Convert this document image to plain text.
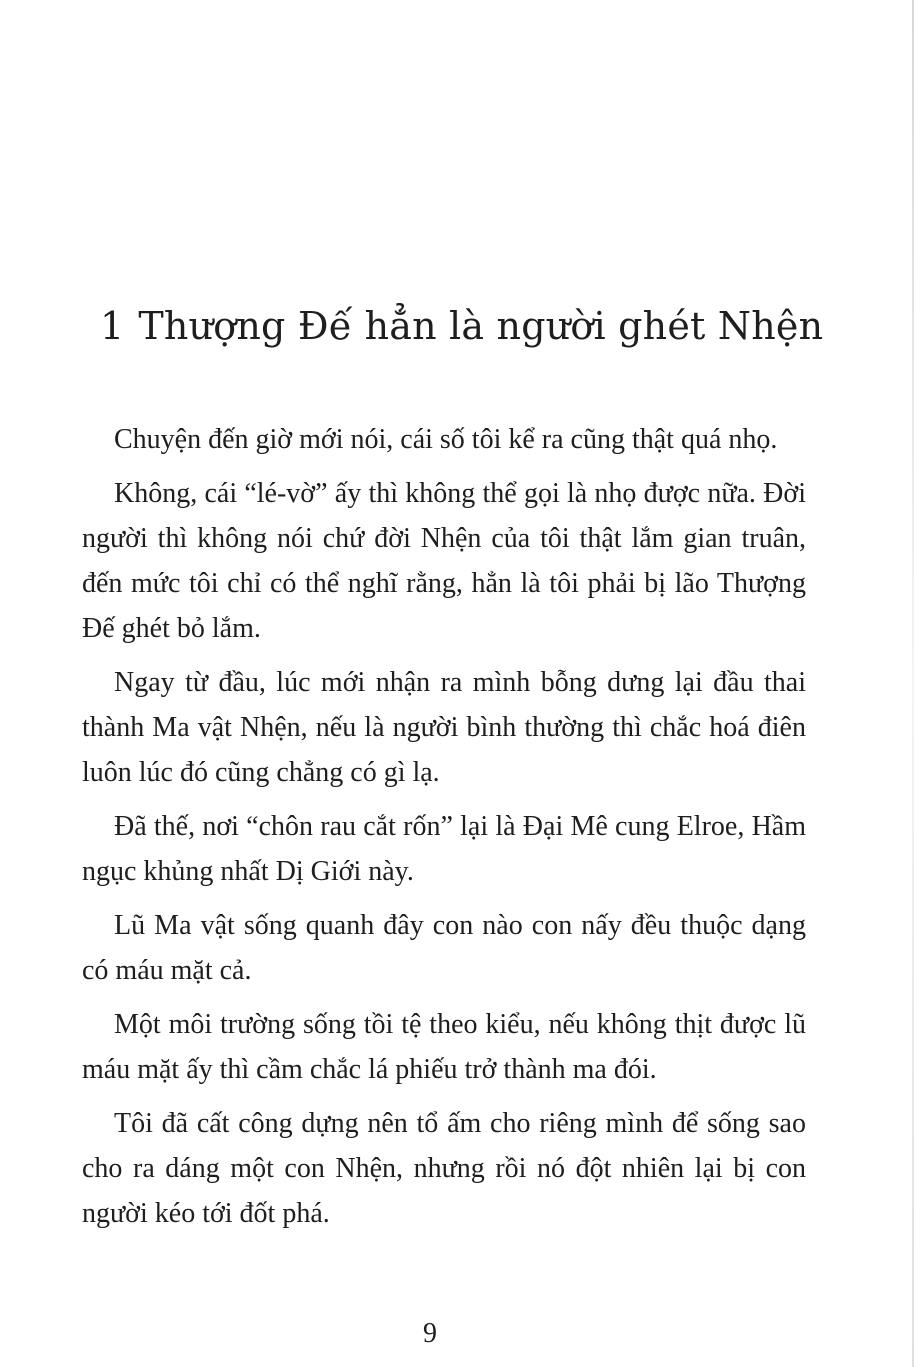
1 Thượng Đế hẳn là người ghét Nhện

Chuyện đến giờ mới nói, cái số tôi kể ra cũng thật quá nhọ.

Không, cái “lé-vờ” ấy thì không thể gọi là nhọ được nữa. Đời người thì không nói chứ đời Nhện của tôi thật lắm gian truân, đến mức tôi chỉ có thể nghĩ rằng, hẳn là tôi phải bị lão Thượng Đế ghét bỏ lắm.

Ngay từ đầu, lúc mới nhận ra mình bỗng dưng lại đầu thai thành Ma vật Nhện, nếu là người bình thường thì chắc hoá điên luôn lúc đó cũng chẳng có gì lạ.

Đã thế, nơi “chôn rau cắt rốn” lại là Đại Mê cung Elroe, Hầm ngục khủng nhất Dị Giới này.

Lũ Ma vật sống quanh đây con nào con nấy đều thuộc dạng có máu mặt cả.

Một môi trường sống tồi tệ theo kiểu, nếu không thịt được lũ máu mặt ấy thì cầm chắc lá phiếu trở thành ma đói.

Tôi đã cất công dựng nên tổ ấm cho riêng mình để sống sao cho ra dáng một con Nhện, nhưng rồi nó đột nhiên lại bị con người kéo tới đốt phá.

9
